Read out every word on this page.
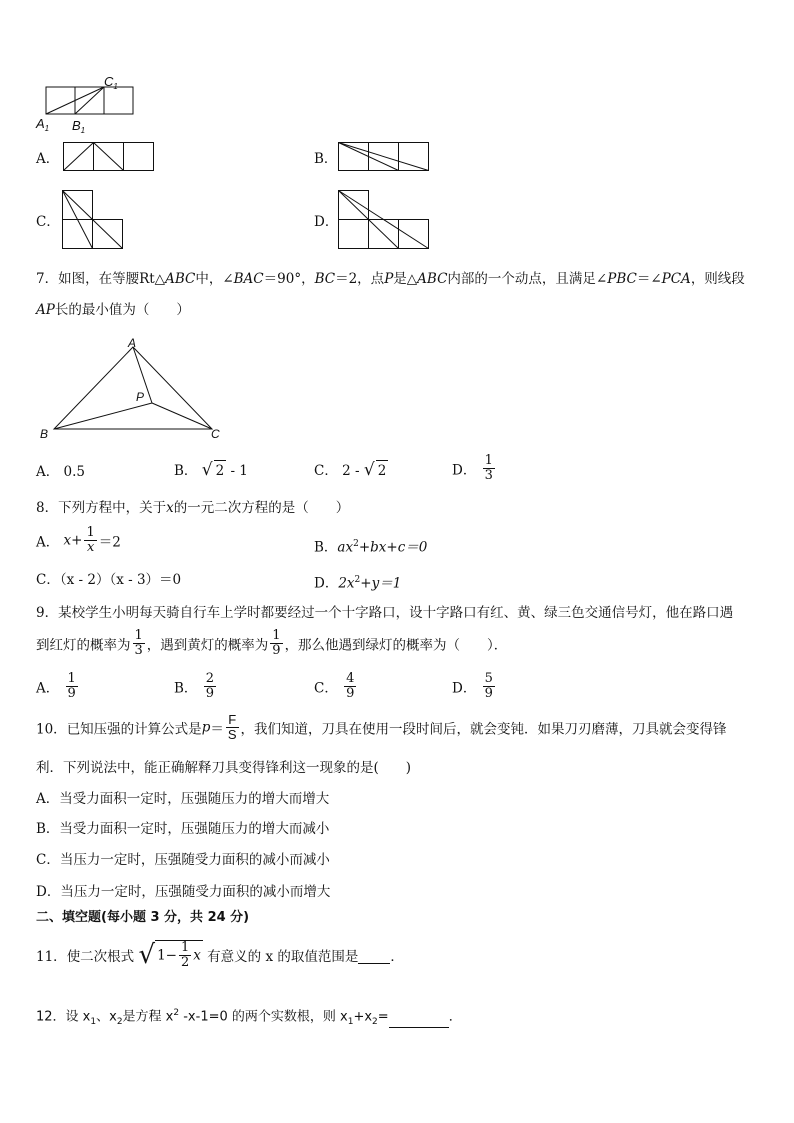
$C_1$
$A_1$ $B_1$
A．	B．
C．	D．
7．如图，在等腰Rt△ABC中，∠BAC＝90°，BC＝2，点P是△ABC内部的一个动点，且满足∠PBC＝∠PCA，则线段
AP长的最小值为（　　）
A
B	C
P
A． 0.5	B． √ 2 - 1	C． 2 - √ 2	D． $\frac{1}{3}$
8．下列方程中，关于x的一元二次方程的是（　　）
A． $x+ \frac{1}{x} =2$	B．$ax^2+bx+c=0$
C．（x - 2）（x - 3）＝0	D．$2x^2+y=1$
9．某校学生小明每天骑自行车上学时都要经过一个十字路口，设十字路口有红、黄、绿三色交通信号灯，他在路口遇
到红灯的概率为 $\frac{1}{3}$ ，遇到黄灯的概率为 $\frac{1}{9}$ ，那么他遇到绿灯的概率为（　　）．
A． $\frac{1}{9}$	B． $\frac{2}{9}$	C． $\frac{4}{9}$	D． $\frac{5}{9}$
10．已知压强的计算公式是$p= \frac{F}{S}$ ，我们知道，刀具在使用一段时间后，就会变钝．如果刀刃磨薄，刀具就会变得锋
利．下列说法中，能正确解释刀具变得锋利这一现象的是(　　)
A．当受力面积一定时，压强随压力的增大而增大
B．当受力面积一定时，压强随压力的增大而减小
C．当压力一定时，压强随受力面积的减小而减小
D．当压力一定时，压强随受力面积的减小而增大
二、填空题(每小题 3 分，共 24 分)
11．使二次根式 √ $1- \frac{1}{2}$ x 有意义的 x 的取值范围是 ．
12．设 $x_1$、$x_2$是方程 $x^2$ -x-1=0 的两个实数根，则 $x_1+x_2=$	．
